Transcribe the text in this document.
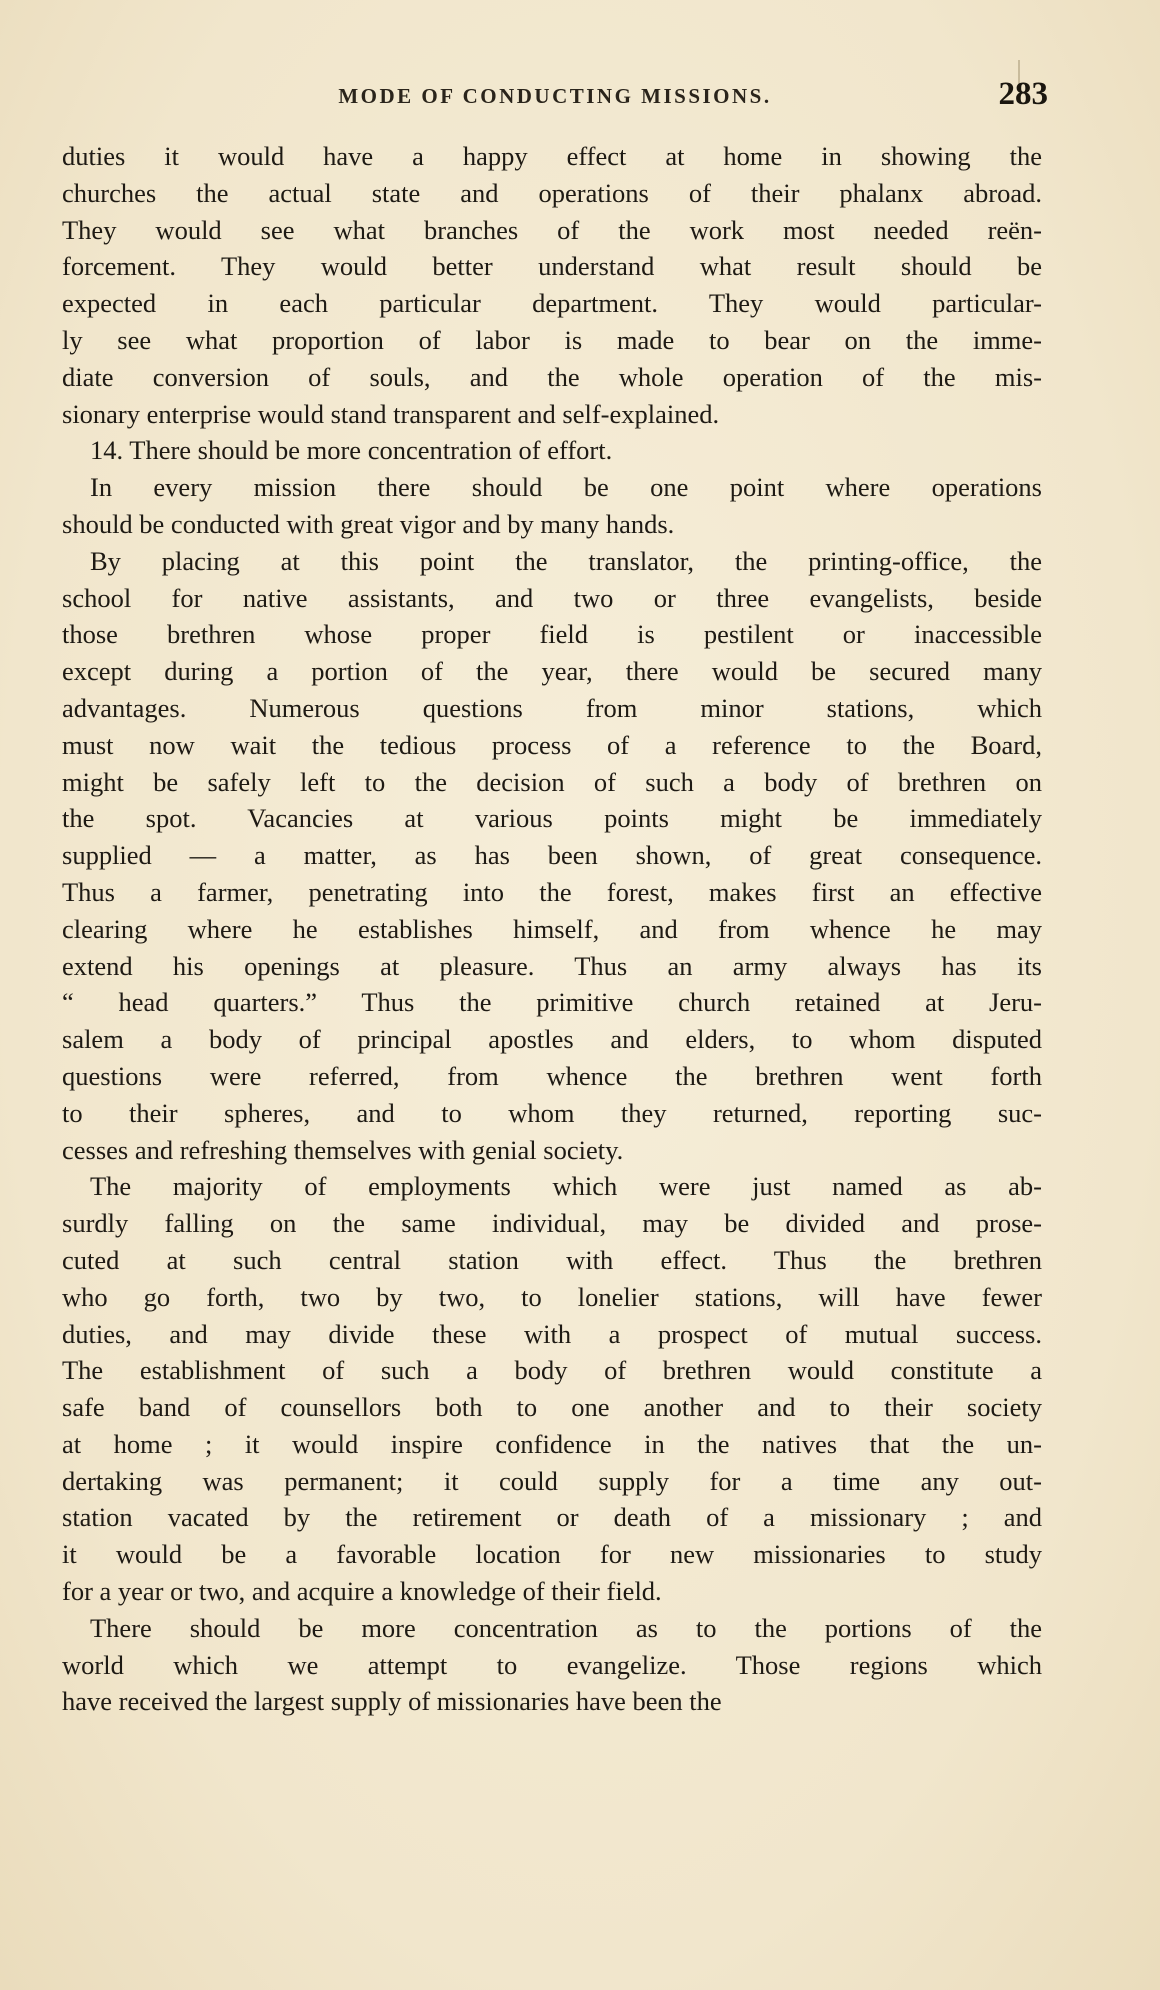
MODE OF CONDUCTING MISSIONS.	283
duties it would have a happy effect at home in showing the
churches the actual state and operations of their phalanx abroad.
They would see what branches of the work most needed reën-
forcement. They would better understand what result should be
expected in each particular department. They would particular-
ly see what proportion of labor is made to bear on the imme-
diate conversion of souls, and the whole operation of the mis-
sionary enterprise would stand transparent and self-explained.
14. There should be more concentration of effort.
In every mission there should be one point where operations
should be conducted with great vigor and by many hands.
By placing at this point the translator, the printing-office, the
school for native assistants, and two or three evangelists, beside
those brethren whose proper field is pestilent or inaccessible
except during a portion of the year, there would be secured many
advantages. Numerous questions from minor stations, which
must now wait the tedious process of a reference to the Board,
might be safely left to the decision of such a body of brethren on
the spot. Vacancies at various points might be immediately
supplied — a matter, as has been shown, of great consequence.
Thus a farmer, penetrating into the forest, makes first an effective
clearing where he establishes himself, and from whence he may
extend his openings at pleasure. Thus an army always has its
“ head quarters.” Thus the primitive church retained at Jeru-
salem a body of principal apostles and elders, to whom disputed
questions were referred, from whence the brethren went forth
to their spheres, and to whom they returned, reporting suc-
cesses and refreshing themselves with genial society.
The majority of employments which were just named as ab-
surdly falling on the same individual, may be divided and prose-
cuted at such central station with effect. Thus the brethren
who go forth, two by two, to lonelier stations, will have fewer
duties, and may divide these with a prospect of mutual success.
The establishment of such a body of brethren would constitute a
safe band of counsellors both to one another and to their society
at home ; it would inspire confidence in the natives that the un-
dertaking was permanent; it could supply for a time any out-
station vacated by the retirement or death of a missionary ; and
it would be a favorable location for new missionaries to study
for a year or two, and acquire a knowledge of their field.
There should be more concentration as to the portions of the
world which we attempt to evangelize. Those regions which
have received the largest supply of missionaries have been the
